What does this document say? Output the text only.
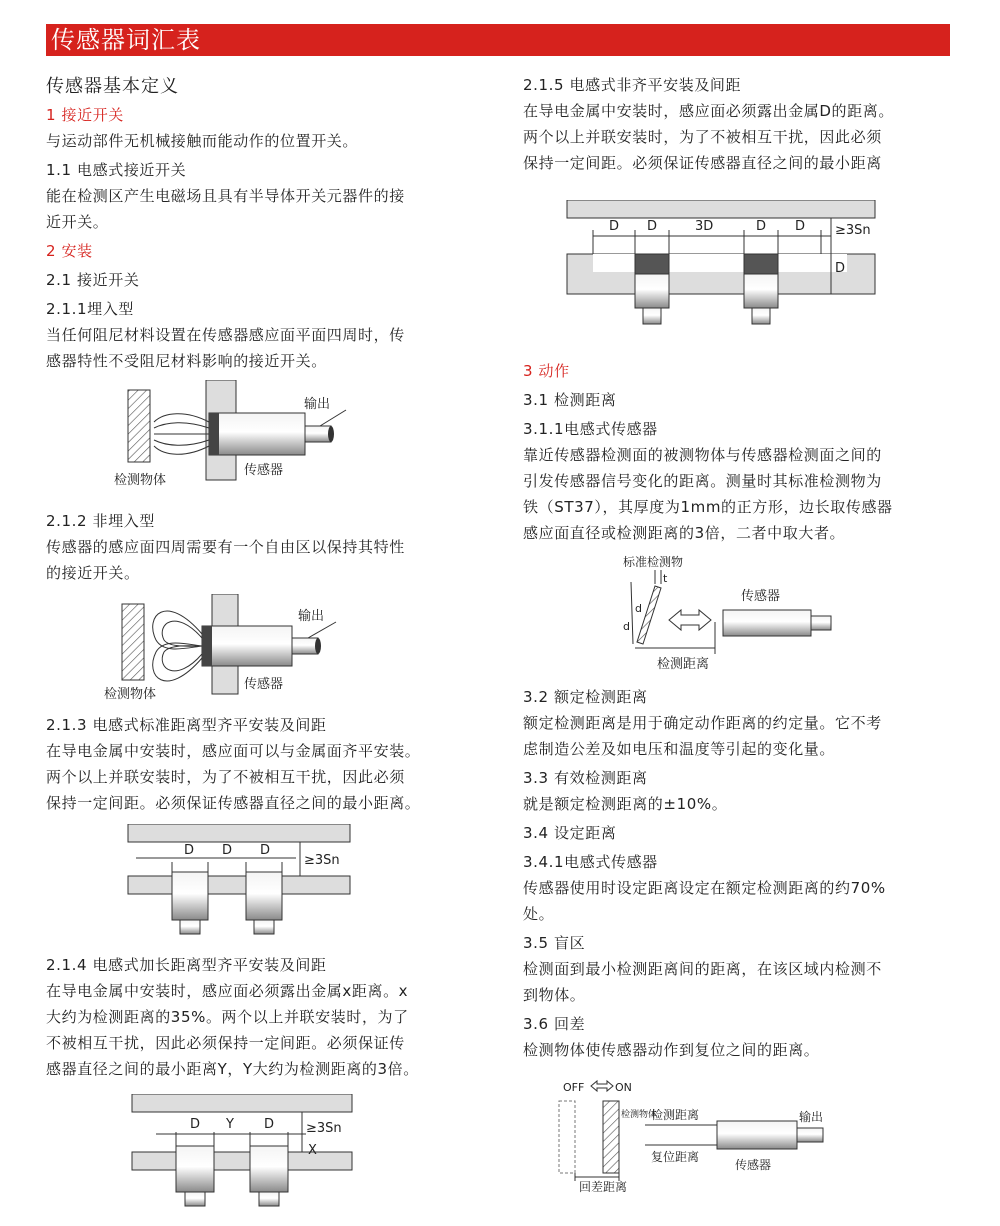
传感器词汇表

传感器基本定义

1 接近开关

与运动部件无机械接触而能动作的位置开关。

1.1 电感式接近开关

能在检测区产生电磁场且具有半导体开关元器件的接

近开关。

2 安装

2.1 接近开关

2.1.1埋入型

当任何阻尼材料设置在传感器感应面平面四周时，传

感器特性不受阻尼材料影响的接近开关。

输出
检测物体
传感器

2.1.2 非埋入型

传感器的感应面四周需要有一个自由区以保持其特性

的接近开关。

输出
检测物体
传感器

2.1.3 电感式标准距离型齐平安装及间距

在导电金属中安装时，感应面可以与金属面齐平安装。

两个以上并联安装时，为了不被相互干扰，因此必须

保持一定间距。必须保证传感器直径之间的最小距离。

D D D
≥3Sn

2.1.4 电感式加长距离型齐平安装及间距

在导电金属中安装时，感应面必须露出金属x距离。x

大约为检测距离的35%。两个以上并联安装时，为了

不被相互干扰，因此必须保持一定间距。必须保证传

感器直径之间的最小距离Y，Y大约为检测距离的3倍。

D Y D ≥3Sn
X

2.1.5 电感式非齐平安装及间距

在导电金属中安装时，感应面必须露出金属D的距离。

两个以上并联安装时，为了不被相互干扰，因此必须

保持一定间距。必须保证传感器直径之间的最小距离

D D	3D	D D ≥3Sn
D

3 动作

3.1 检测距离

3.1.1电感式传感器

靠近传感器检测面的被测物体与传感器检测面之间的

引发传感器信号变化的距离。测量时其标准检测物为

铁（ST37），其厚度为1mm的正方形，边长取传感器

感应面直径或检测距离的3倍，二者中取大者。

标准检测物
t
d
d
传感器
检测距离

3.2 额定检测距离

额定检测距离是用于确定动作距离的约定量。它不考

虑制造公差及如电压和温度等引起的变化量。

3.3 有效检测距离

就是额定检测距离的±10%。

3.4 设定距离

3.4.1电感式传感器

传感器使用时设定距离设定在额定检测距离的约70%

处。

3.5 盲区

检测面到最小检测距离间的距离，在该区域内检测不

到物体。

3.6 回差

检测物体使传感器动作到复位之间的距离。

OFF	ON
检测物体
检测距离
复位距离
输出
传感器
回差距离
